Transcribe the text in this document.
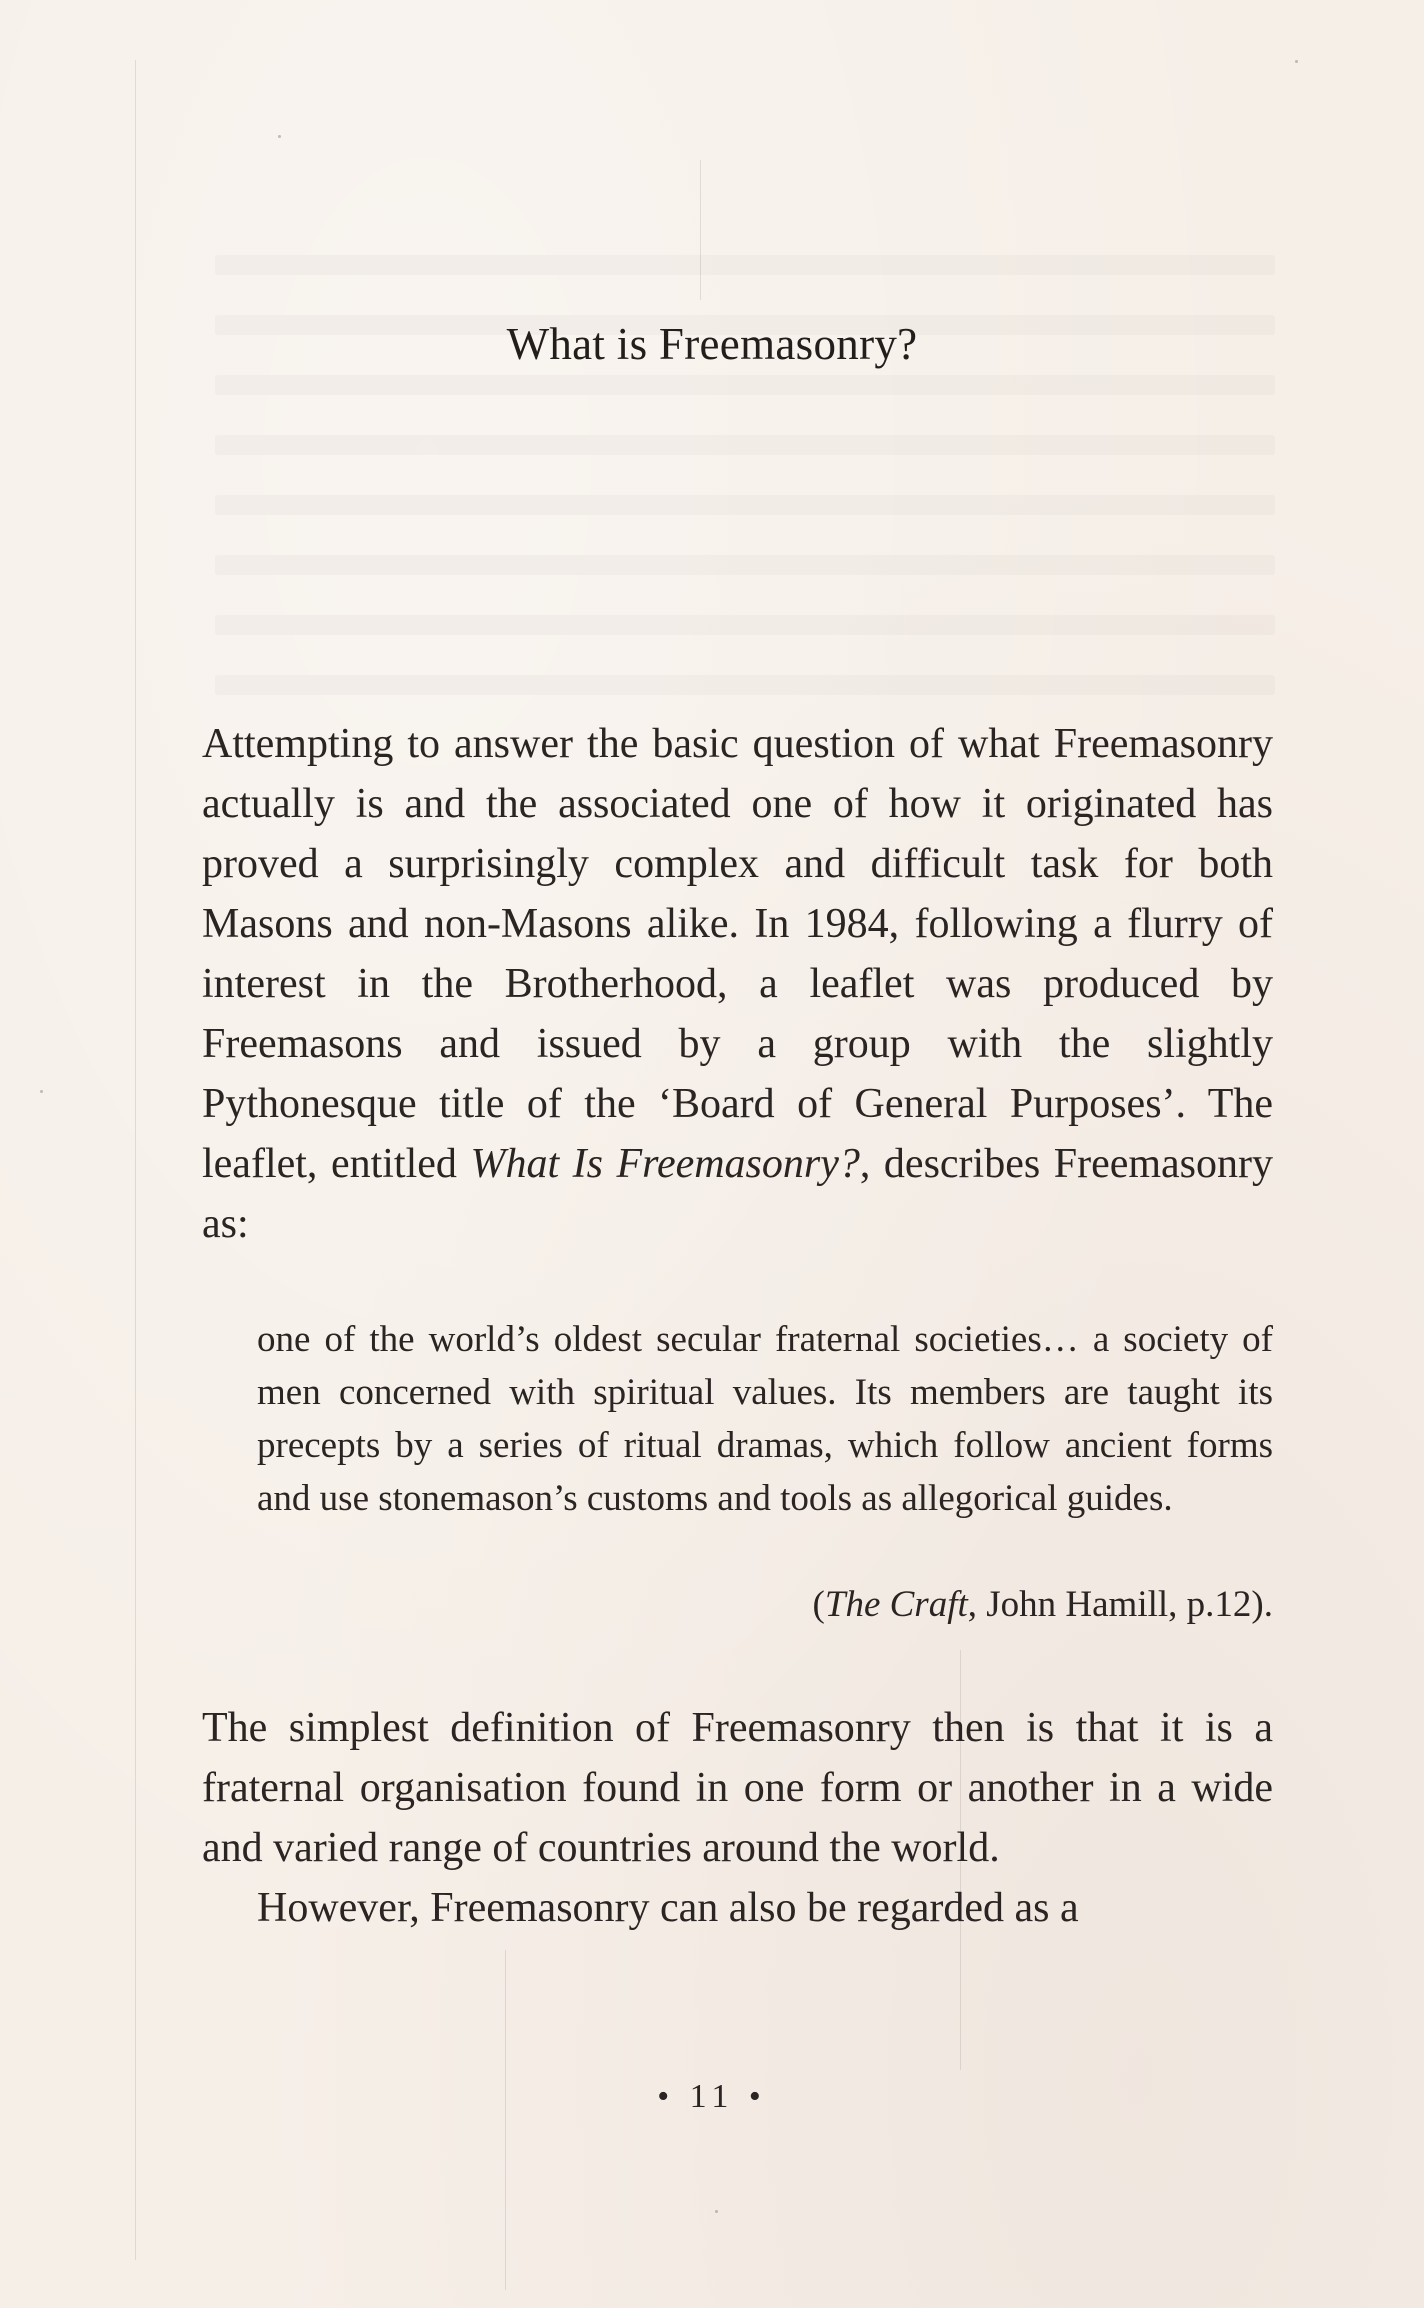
What is Freemasonry?

Attempting to answer the basic question of what Freemasonry actually is and the associated one of how it originated has proved a surprisingly complex and difficult task for both Masons and non-Masons alike. In 1984, following a flurry of interest in the Brotherhood, a leaflet was produced by Freemasons and issued by a group with the slightly Pythonesque title of the ‘Board of General Purposes’. The leaflet, entitled What Is Freemasonry?, describes Freemasonry as:

one of the world’s oldest secular fraternal societies… a society of men concerned with spiritual values. Its members are taught its precepts by a series of ritual dramas, which follow ancient forms and use stonemason’s customs and tools as allegorical guides.

(The Craft, John Hamill, p.12).

The simplest definition of Freemasonry then is that it is a fraternal organisation found in one form or another in a wide and varied range of countries around the world.
However, Freemasonry can also be regarded as a

• 11 •
